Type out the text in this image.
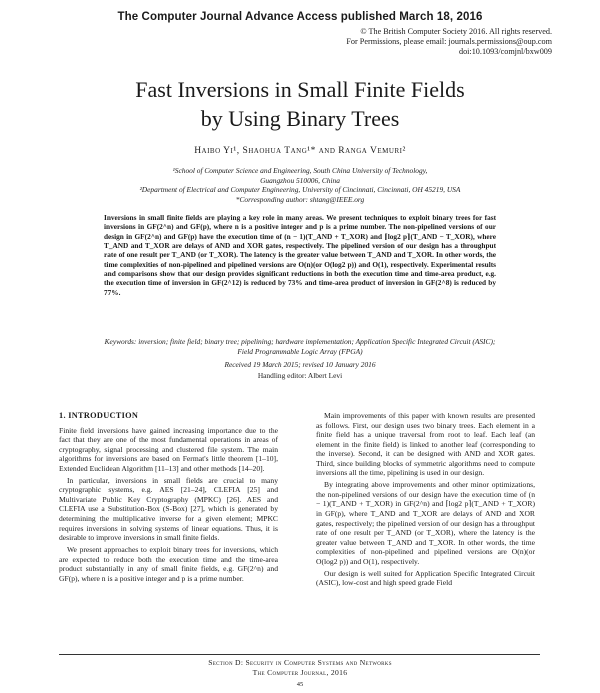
The Computer Journal Advance Access published March 18, 2016
© The British Computer Society 2016. All rights reserved.
For Permissions, please email: journals.permissions@oup.com
doi:10.1093/comjnl/bxw009
Fast Inversions in Small Finite Fields
by Using Binary Trees
Haibo Yi¹, Shaohua Tang¹* and Ranga Vemuri²
¹School of Computer Science and Engineering, South China University of Technology,
Guangzhou 510006, China
²Department of Electrical and Computer Engineering, University of Cincinnati, Cincinnati, OH 45219, USA
*Corresponding author: shtang@IEEE.org
Inversions in small finite fields are playing a key role in many areas. We present techniques to exploit binary trees for fast inversions in GF(2^n) and GF(p), where n is a positive integer and p is a prime number. The non-pipelined versions of our design in GF(2^n) and GF(p) have the execution time of (n − 1)(T_AND + T_XOR) and ⌈log2 p⌉(T_AND − T_XOR), where T_AND and T_XOR are delays of AND and XOR gates, respectively. The pipelined version of our design has a throughput rate of one result per T_AND (or T_XOR). The latency is the greater value between T_AND and T_XOR. In other words, the time complexities of non-pipelined and pipelined versions are O(n)(or O(log2 p)) and O(1), respectively. Experimental results and comparisons show that our design provides significant reductions in both the execution time and time-area product, e.g. the execution time of inversion in GF(2^12) is reduced by 73% and time-area product of inversion in GF(2^8) is reduced by 77%.
Keywords: inversion; finite field; binary tree; pipelining; hardware implementation; Application Specific Integrated Circuit (ASIC); Field Programmable Logic Array (FPGA)
Received 19 March 2015; revised 10 January 2016
Handling editor: Albert Levi
1. INTRODUCTION

Finite field inversions have gained increasing importance due to the fact that they are one of the most fundamental operations in areas of cryptography, signal processing and clustered file system. The main algorithms for inversions are based on Fermat's little theorem [1–10], Extended Euclidean Algorithm [11–13] and other methods [14–20].

In particular, inversions in small fields are crucial to many cryptographic systems, e.g. AES [21–24], CLEFIA [25] and Multivariate Public Key Cryptography (MPKC) [26]. AES and CLEFIA use a Substitution-Box (S-Box) [27], which is generated by determining the multiplicative inverse for a given element; MPKC requires inversions in solving systems of linear equations. Thus, it is desirable to improve inversions in small finite fields.

We present approaches to exploit binary trees for inversions, which are expected to reduce both the execution time and the time-area product substantially in any of small finite fields, e.g. GF(2^n) and GF(p), where n is a positive integer and p is a prime number.

Main improvements of this paper with known results are presented as follows. First, our design uses two binary trees. Each element in a finite field has a unique traversal from root to leaf. Each leaf (an element in the finite field) is linked to another leaf (corresponding to the inverse). Second, it can be designed with AND and XOR gates. Third, since building blocks of symmetric algorithms need to compute inversions all the time, pipelining is used in our design.

By integrating above improvements and other minor optimizations, the non-pipelined versions of our design have the execution time of (n − 1)(T_AND + T_XOR) in GF(2^n) and ⌈log2 p⌉(T_AND + T_XOR) in GF(p), where T_AND and T_XOR are delays of AND and XOR gates, respectively; the pipelined version of our design has a throughput rate of one result per T_AND (or T_XOR), where the latency is the greater value between T_AND and T_XOR. In other words, the time complexities of non-pipelined and pipelined versions are O(n)(or O(log2 p)) and O(1), respectively.

Our design is well suited for Application Specific Integrated Circuit (ASIC), low-cost and high speed grade Field

Section D: Security in Computer Systems and Networks
The Computer Journal, 2016
45
